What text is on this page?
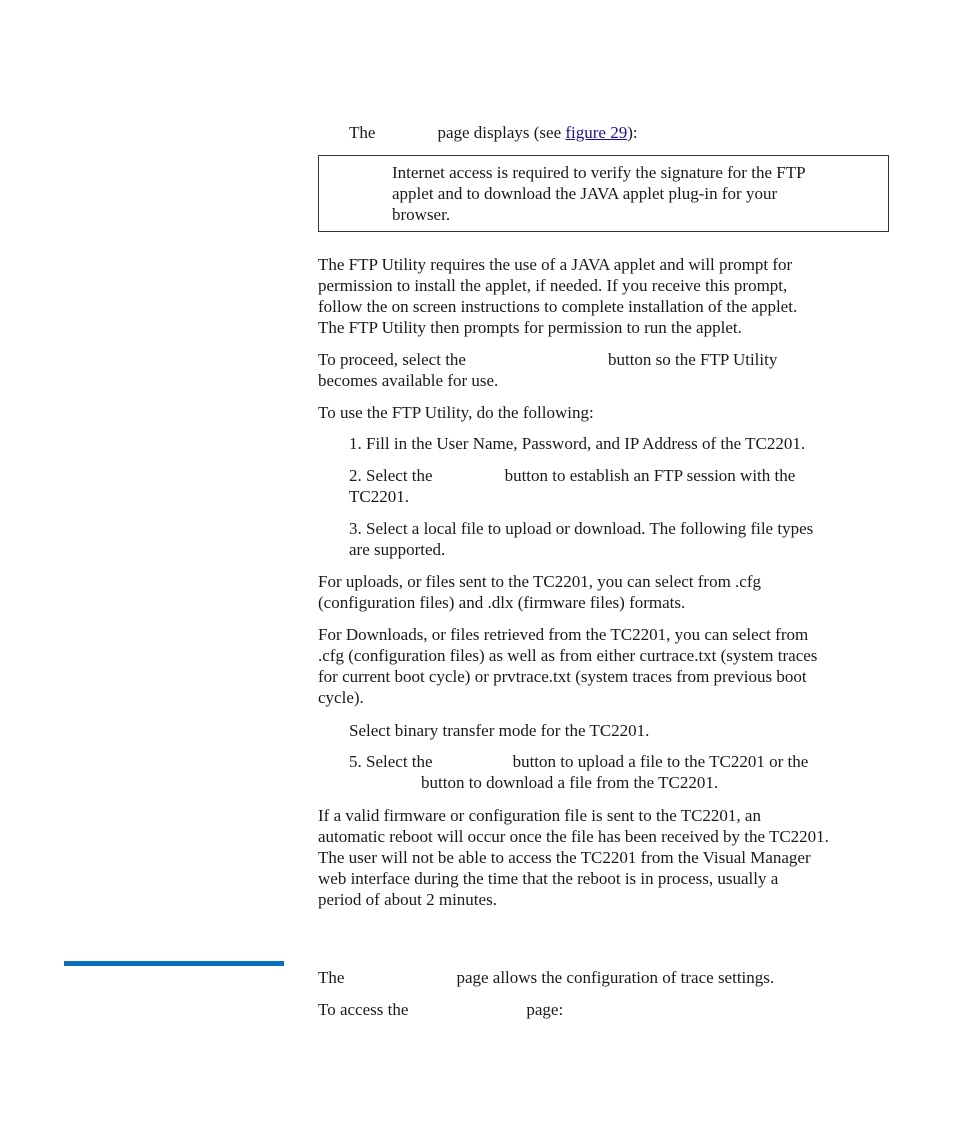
The	page displays (see figure 29):

Internet access is required to verify the signature for the FTP
applet and to download the JAVA applet plug-in for your
browser.
The FTP Utility requires the use of a JAVA applet and will prompt for
permission to install the applet, if needed. If you receive this prompt,
follow the on screen instructions to complete installation of the applet.
The FTP Utility then prompts for permission to run the applet.
To proceed, select the	button so the FTP Utility
becomes available for use.

To use the FTP Utility, do the following:

1. Fill in the User Name, Password, and IP Address of the TC2201.

2. Select the	button to establish an FTP session with the
TC2201.
3. Select a local file to upload or download. The following file types
are supported.
For uploads, or files sent to the TC2201, you can select from .cfg
(configuration files) and .dlx (firmware files) formats.
For Downloads, or files retrieved from the TC2201, you can select from
.cfg (configuration files) as well as from either curtrace.txt (system traces
for current boot cycle) or prvtrace.txt (system traces from previous boot
cycle).

Select binary transfer mode for the TC2201.

5. Select the	button to upload a file to the TC2201 or the
button to download a file from the TC2201.
If a valid firmware or configuration file is sent to the TC2201, an
automatic reboot will occur once the file has been received by the TC2201.
The user will not be able to access the TC2201 from the Visual Manager
web interface during the time that the reboot is in process, usually a
period of about 2 minutes.

The	page allows the configuration of trace settings.

To access the	page:
